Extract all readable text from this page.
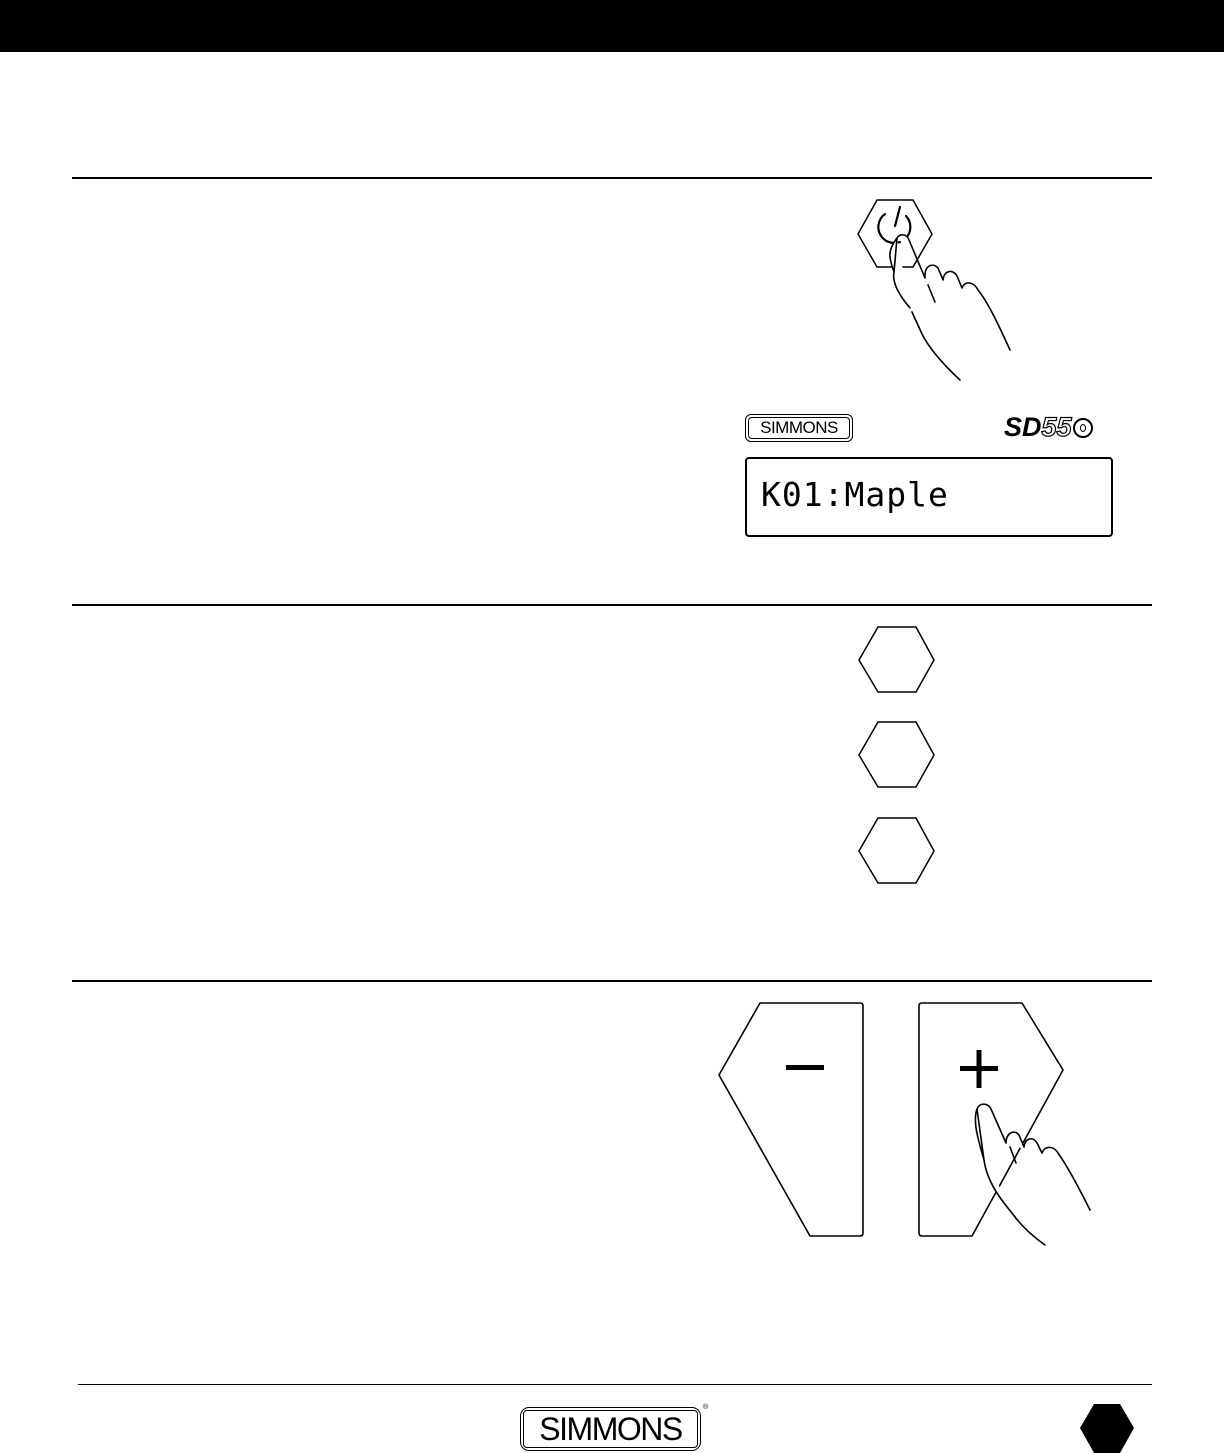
SIMMONS	SD 55
K01:Maple
SIMMONS
®
